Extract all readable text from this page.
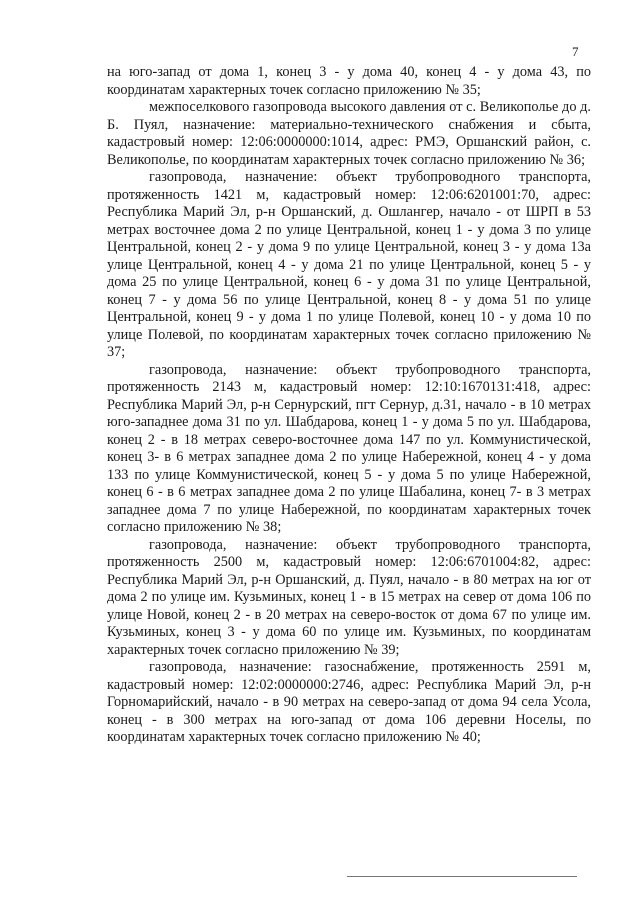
7

на юго-запад от дома 1, конец 3 - у дома 40, конец 4 - у дома 43, по координатам характерных точек согласно приложению № 35;

межпоселкового газопровода высокого давления от с. Великополье до д. Б. Пуял, назначение: материально-технического снабжения и сбыта, кадастровый номер: 12:06:0000000:1014, адрес: РМЭ, Оршанский район, с. Великополье, по координатам характерных точек согласно приложению № 36;

газопровода, назначение: объект трубопроводного транспорта, протяженность 1421 м, кадастровый номер: 12:06:6201001:70, адрес: Республика Марий Эл, р-н Оршанский, д. Ошлангер, начало - от ШРП в 53 метрах восточнее дома 2 по улице Центральной, конец 1 - у дома 3 по улице Центральной, конец 2 - у дома 9 по улице Центральной, конец 3 - у дома 13а улице Центральной, конец 4 - у дома 21 по улице Центральной, конец 5 - у дома 25 по улице Центральной, конец 6 - у дома 31 по улице Центральной, конец 7 - у дома 56 по улице Центральной, конец 8 - у дома 51 по улице Центральной, конец 9 - у дома 1 по улице Полевой, конец 10 - у дома 10 по улице Полевой, по координатам характерных точек согласно приложению № 37;

газопровода, назначение: объект трубопроводного транспорта, протяженность 2143 м, кадастровый номер: 12:10:1670131:418, адрес: Республика Марий Эл, р-н Сернурский, пгт Сернур, д.31, начало - в 10 метрах юго-западнее дома 31 по ул. Шабдарова, конец 1 - у дома 5 по ул. Шабдарова, конец 2 - в 18 метрах северо-восточнее дома 147 по ул. Коммунистической, конец 3- в 6 метрах западнее дома 2 по улице Набережной, конец 4 - у дома 133 по улице Коммунистической, конец 5 - у дома 5 по улице Набережной, конец 6 - в 6 метрах западнее дома 2 по улице Шабалина, конец 7- в 3 метрах западнее дома 7 по улице Набережной, по координатам характерных точек согласно приложению № 38;

газопровода, назначение: объект трубопроводного транспорта, протяженность 2500 м, кадастровый номер: 12:06:6701004:82, адрес: Республика Марий Эл, р-н Оршанский, д. Пуял, начало - в 80 метрах на юг от дома 2 по улице им. Кузьминых, конец 1 - в 15 метрах на север от дома 106 по улице Новой, конец 2 - в 20 метрах на северо-восток от дома 67 по улице им. Кузьминых, конец 3 - у дома 60 по улице им. Кузьминых, по координатам характерных точек согласно приложению № 39;

газопровода, назначение: газоснабжение, протяженность 2591 м, кадастровый номер: 12:02:0000000:2746, адрес: Республика Марий Эл, р-н Горномарийский, начало - в 90 метрах на северо-запад от дома 94 села Усола, конец - в 300 метрах на юго-запад от дома 106 деревни Носелы, по координатам характерных точек согласно приложению № 40;
